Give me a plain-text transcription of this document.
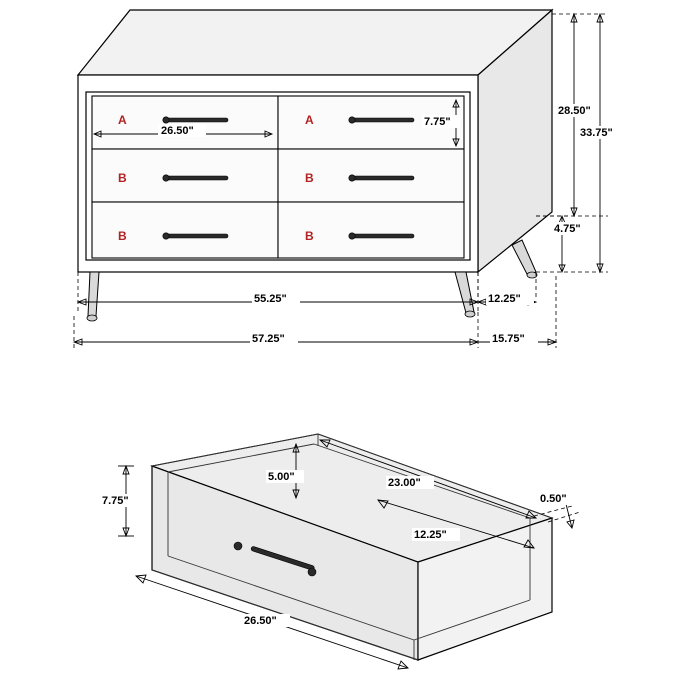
A	A
B	B
B	B
26.50"
7.75"
28.50"
33.75"
4.75"
55.25"	12.25"
57.25"	15.75"
7.75"
5.00"	23.00"
12.25"
0.50"
26.50"
